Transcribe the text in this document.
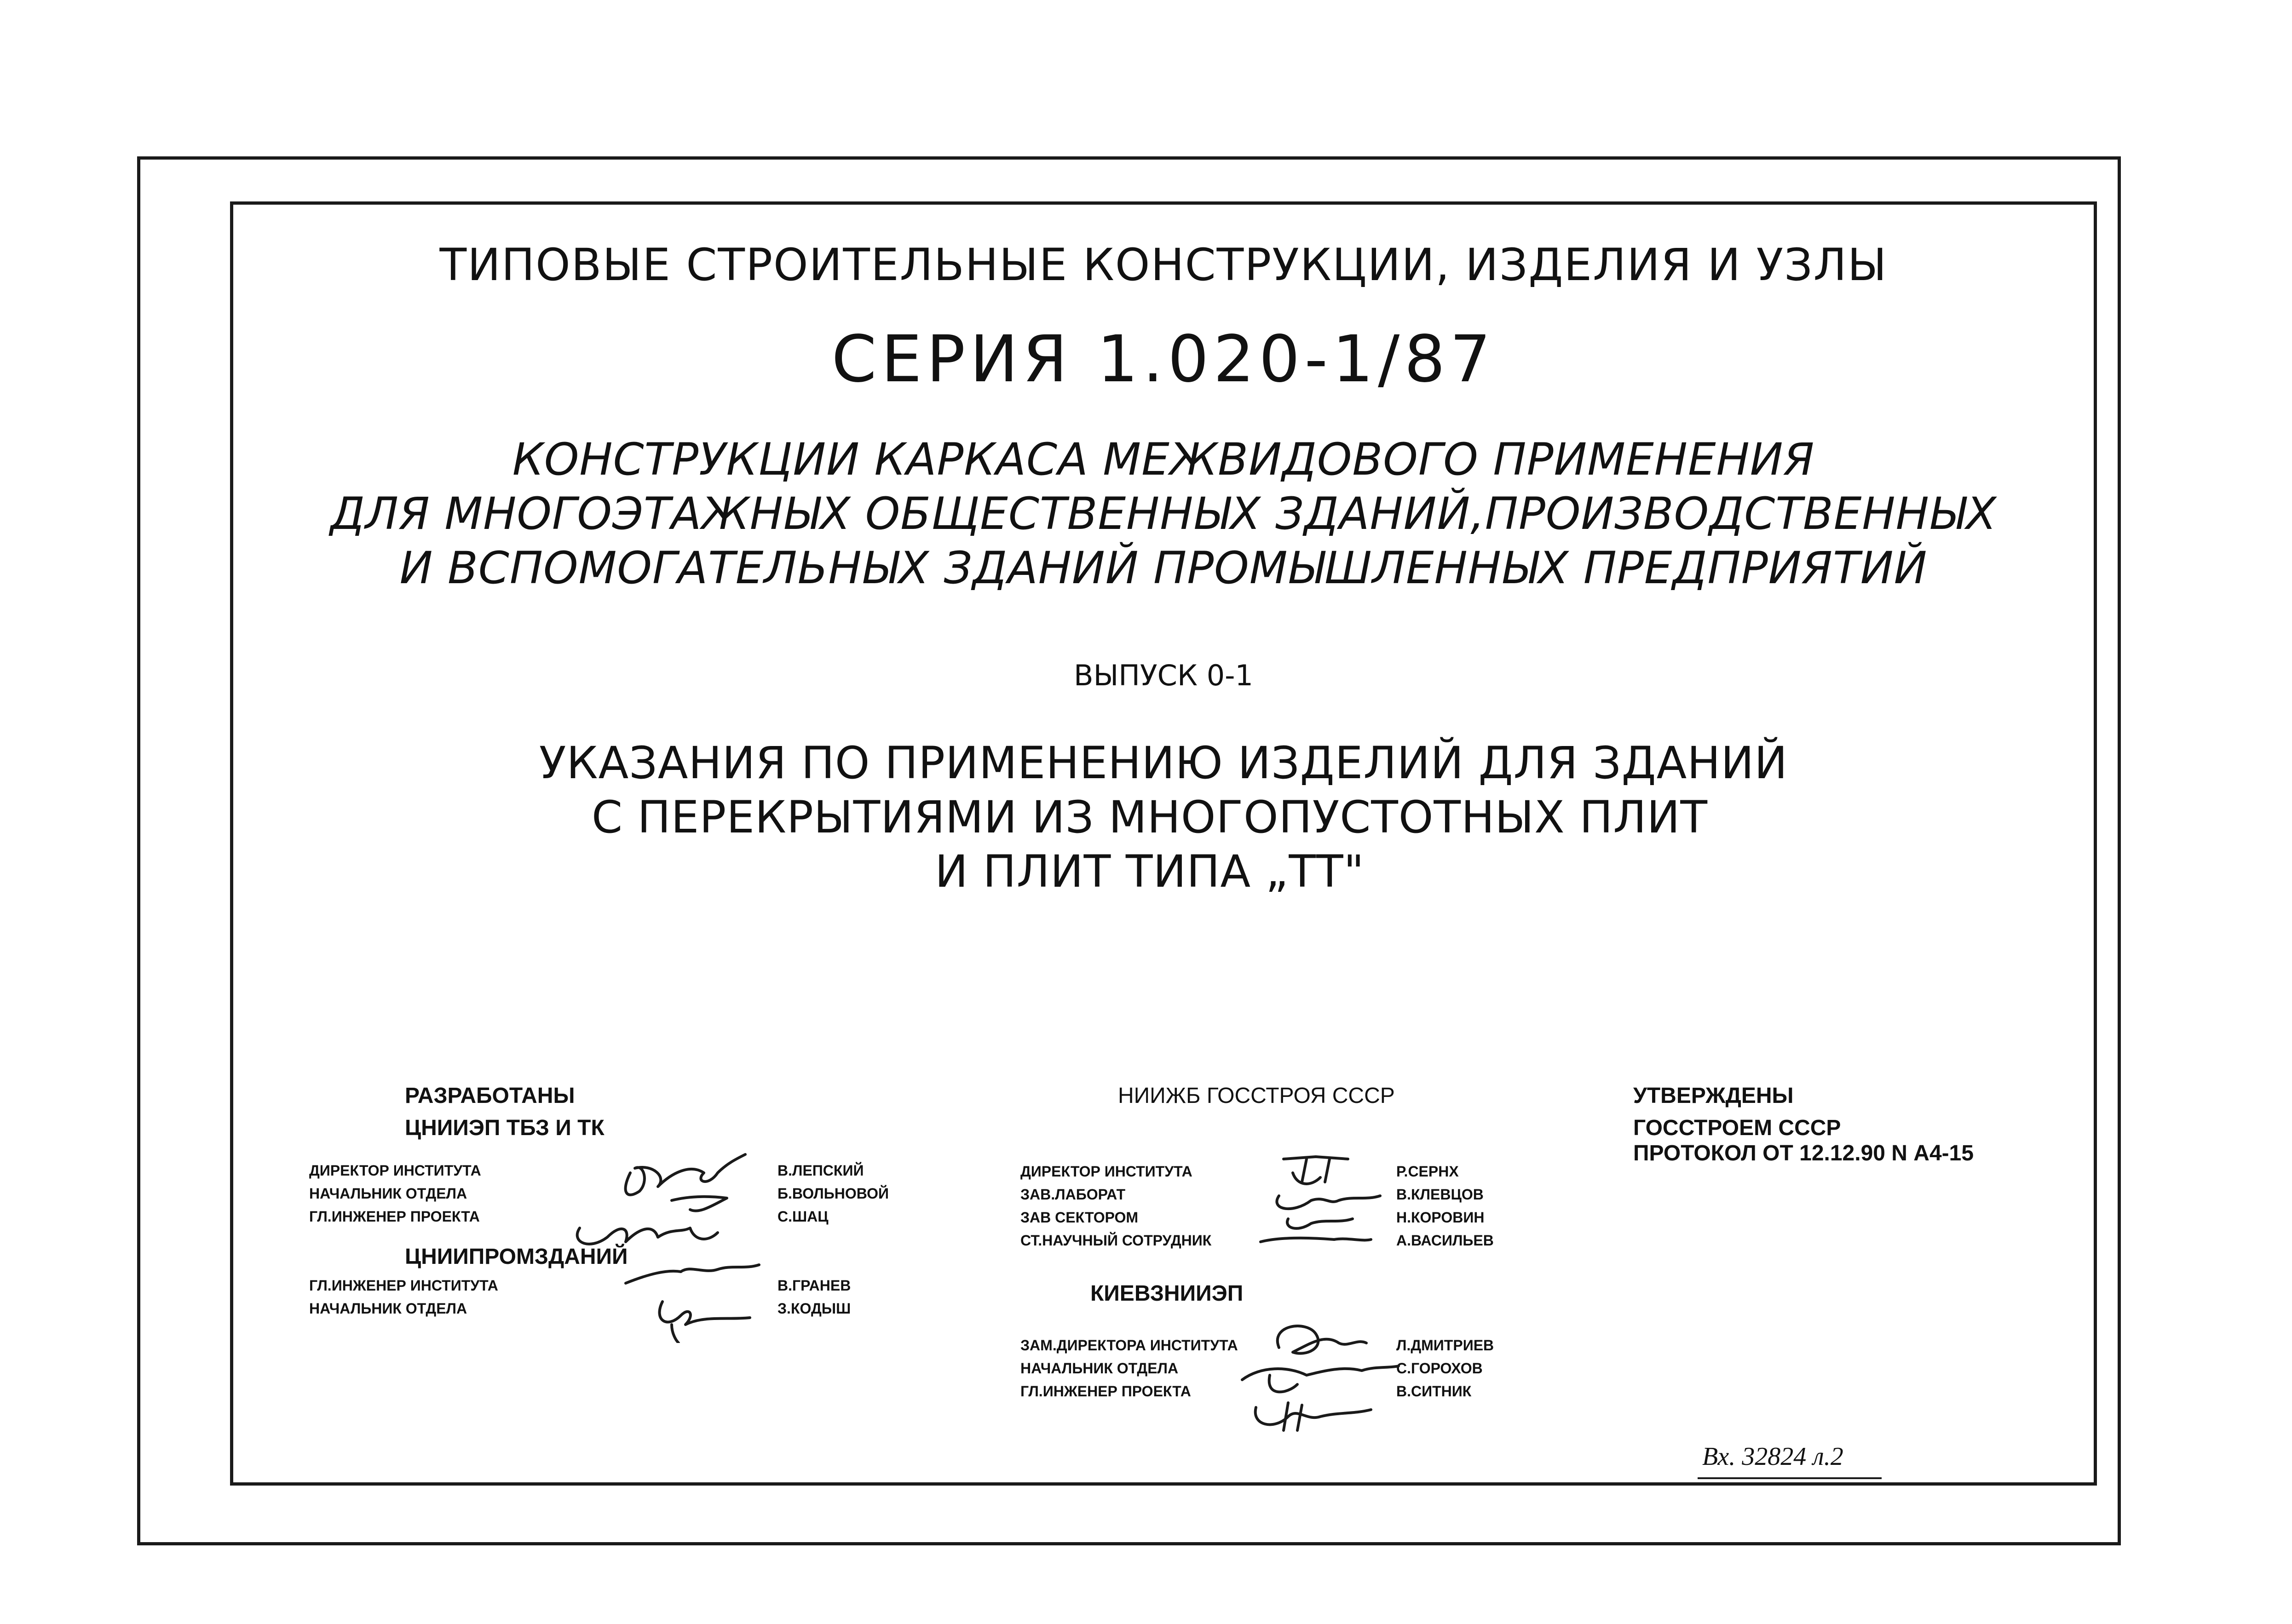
ТИПОВЫЕ СТРОИТЕЛЬНЫЕ КОНСТРУКЦИИ, ИЗДЕЛИЯ И УЗЛЫ
СЕРИЯ 1.020-1/87
КОНСТРУКЦИИ КАРКАСА МЕЖВИДОВОГО ПРИМЕНЕНИЯ
ДЛЯ МНОГОЭТАЖНЫХ ОБЩЕСТВЕННЫХ ЗДАНИЙ,ПРОИЗВОДСТВЕННЫХ
И ВСПОМОГАТЕЛЬНЫХ ЗДАНИЙ ПРОМЫШЛЕННЫХ ПРЕДПРИЯТИЙ
ВЫПУСК 0-1
УКАЗАНИЯ ПО ПРИМЕНЕНИЮ ИЗДЕЛИЙ ДЛЯ ЗДАНИЙ
С ПЕРЕКРЫТИЯМИ ИЗ МНОГОПУСТОТНЫХ ПЛИТ
И ПЛИТ ТИПА „ТТ"
РАЗРАБОТАНЫ
ЦНИИЭП ТБЗ И ТК
ДИРЕКТОР ИНСТИТУТА
НАЧАЛЬНИК ОТДЕЛА
ГЛ.ИНЖЕНЕР ПРОЕКТА
В.ЛЕПСКИЙ
Б.ВОЛЬНОВОЙ
С.ШАЦ
ЦНИИПРОМЗДАНИЙ
ГЛ.ИНЖЕНЕР ИНСТИТУТА
НАЧАЛЬНИК ОТДЕЛА
В.ГРАНЕВ
З.КОДЫШ
НИИЖБ ГОССТРОЯ СССР
ДИРЕКТОР ИНСТИТУТА
ЗАВ.ЛАБОРАТ
ЗАВ СЕКТОРОМ
СТ.НАУЧНЫЙ СОТРУДНИК
Р.СЕРНХ
В.КЛЕВЦОВ
Н.КОРОВИН
А.ВАСИЛЬЕВ
КИЕВЗНИИЭП
ЗАМ.ДИРЕКТОРА ИНСТИТУТА
НАЧАЛЬНИК ОТДЕЛА
ГЛ.ИНЖЕНЕР ПРОЕКТА
Л.ДМИТРИЕВ
С.ГОРОХОВ
В.СИТНИК
УТВЕРЖДЕНЫ
ГОССТРОЕМ СССР
ПРОТОКОЛ ОТ 12.12.90 N А4-15
Вх. 32824 л.2
